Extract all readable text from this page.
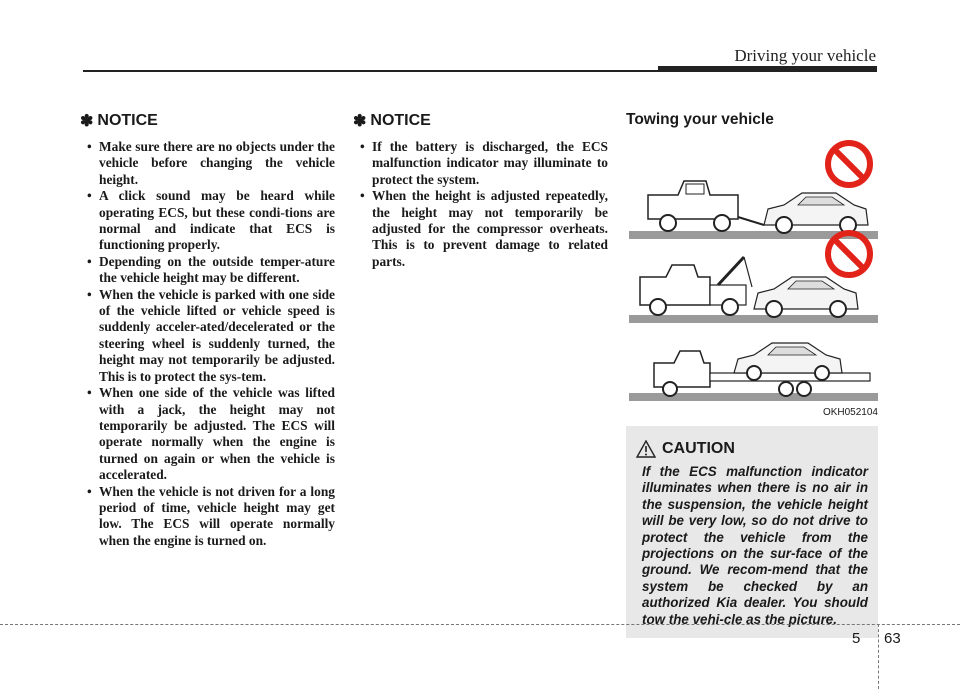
Driving your vehicle
✽ NOTICE
• Make sure there are no objects under the vehicle before changing the vehicle height.
• A click sound may be heard while operating ECS, but these condi-tions are normal and indicate that ECS is functioning properly.
• Depending on the outside temper-ature the vehicle height may be different.
• When the vehicle is parked with one side of the vehicle lifted or vehicle speed is suddenly acceler-ated/decelerated or the steering wheel is suddenly turned, the height may not temporarily be adjusted. This is to protect the sys-tem.
• When one side of the vehicle was lifted with a jack, the height may not temporarily be adjusted. The ECS will operate normally when the engine is turned on again or when the vehicle is accelerated.
• When the vehicle is not driven for a long period of time, vehicle height may get low. The ECS will operate normally when the engine is turned on.
✽ NOTICE
• If the battery is discharged, the ECS malfunction indicator may illuminate to protect the system.
• When the height is adjusted repeatedly, the height may not temporarily be adjusted for the compressor overheats. This is to prevent damage to related parts.
Towing your vehicle
OKH052104
CAUTION
If the ECS malfunction indicator illuminates when there is no air in the suspension, the vehicle height will be very low, so do not drive to protect the vehicle from the projections on the sur-face of the ground. We recom-mend that the system be checked by an authorized Kia dealer. You should tow the vehi-cle as the picture.
5 63
